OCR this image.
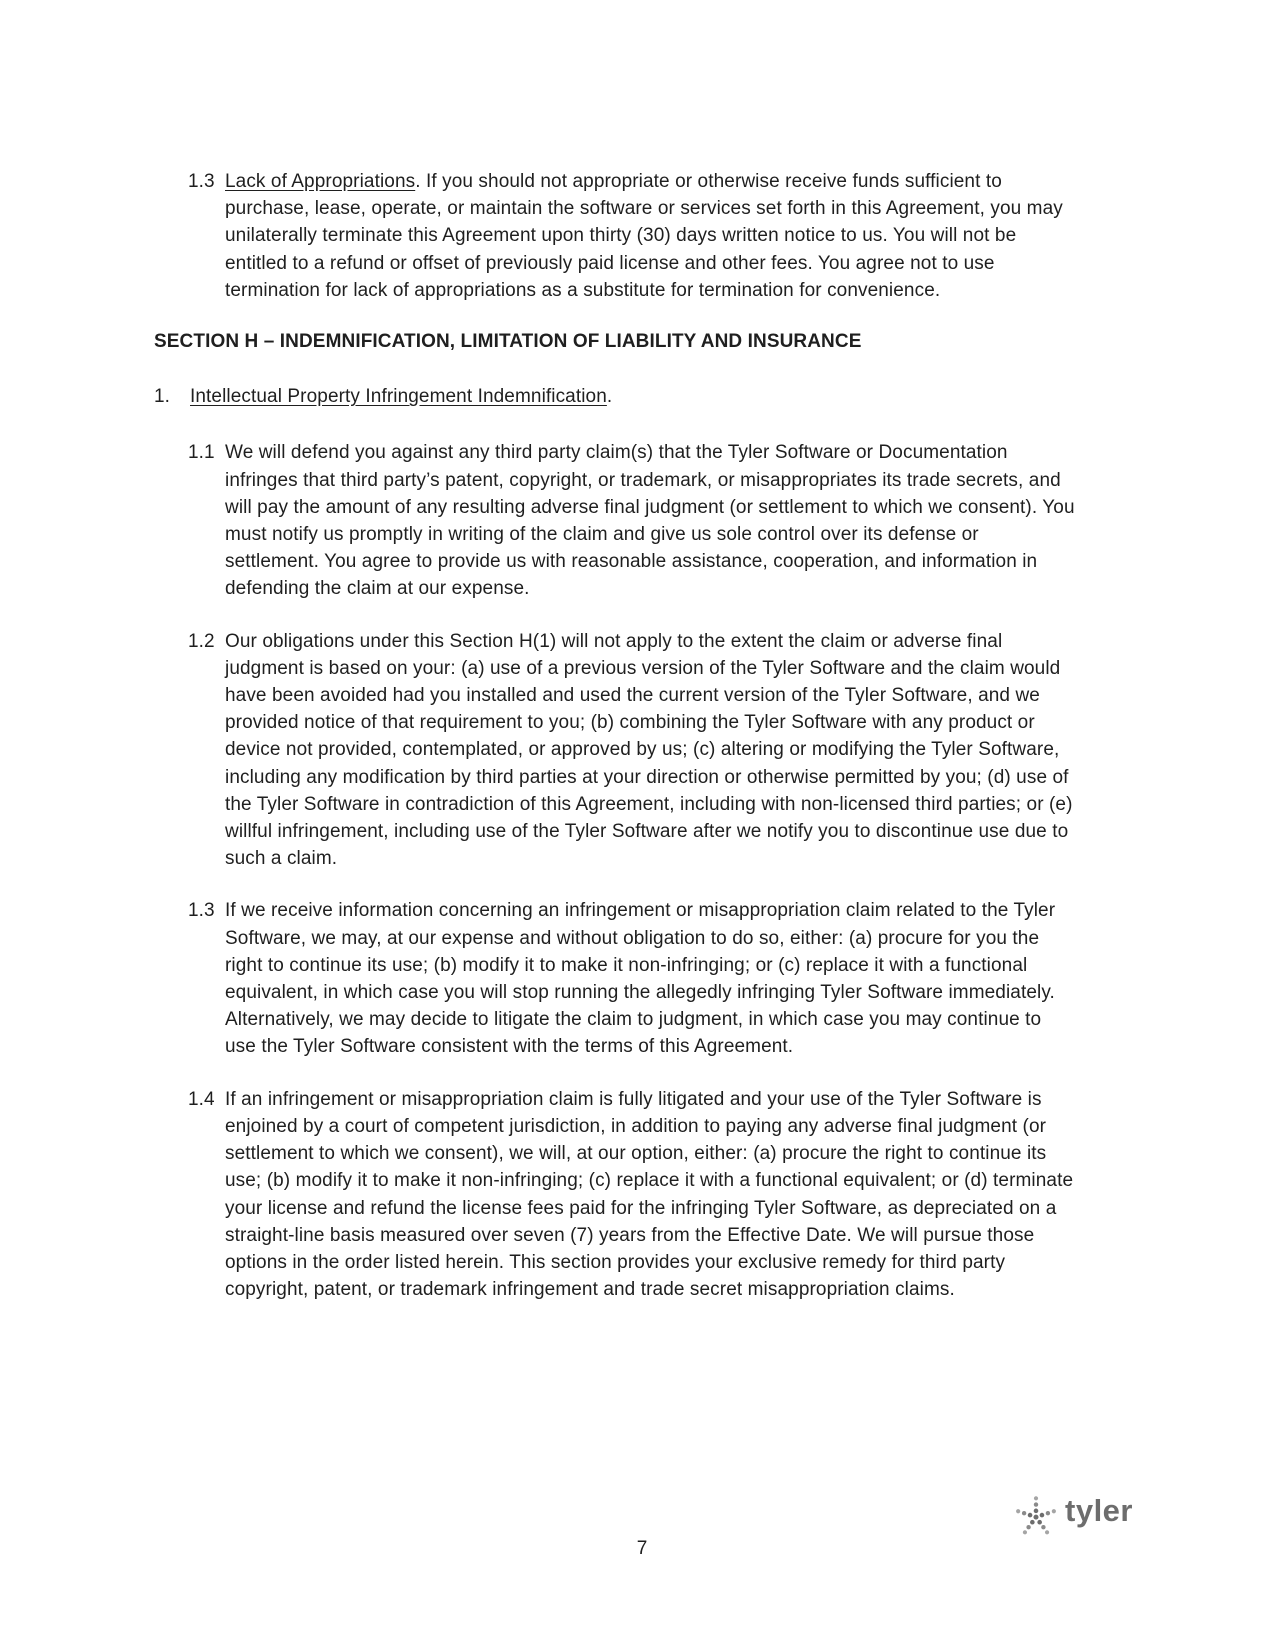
1.3 Lack of Appropriations. If you should not appropriate or otherwise receive funds sufficient to purchase, lease, operate, or maintain the software or services set forth in this Agreement, you may unilaterally terminate this Agreement upon thirty (30) days written notice to us. You will not be entitled to a refund or offset of previously paid license and other fees. You agree not to use termination for lack of appropriations as a substitute for termination for convenience.
SECTION H – INDEMNIFICATION, LIMITATION OF LIABILITY AND INSURANCE
1.	Intellectual Property Infringement Indemnification.
1.1 We will defend you against any third party claim(s) that the Tyler Software or Documentation infringes that third party’s patent, copyright, or trademark, or misappropriates its trade secrets, and will pay the amount of any resulting adverse final judgment (or settlement to which we consent). You must notify us promptly in writing of the claim and give us sole control over its defense or settlement. You agree to provide us with reasonable assistance, cooperation, and information in defending the claim at our expense.
1.2 Our obligations under this Section H(1) will not apply to the extent the claim or adverse final judgment is based on your: (a) use of a previous version of the Tyler Software and the claim would have been avoided had you installed and used the current version of the Tyler Software, and we provided notice of that requirement to you; (b) combining the Tyler Software with any product or device not provided, contemplated, or approved by us; (c) altering or modifying the Tyler Software, including any modification by third parties at your direction or otherwise permitted by you; (d) use of the Tyler Software in contradiction of this Agreement, including with non-licensed third parties; or (e) willful infringement, including use of the Tyler Software after we notify you to discontinue use due to such a claim.
1.3 If we receive information concerning an infringement or misappropriation claim related to the Tyler Software, we may, at our expense and without obligation to do so, either: (a) procure for you the right to continue its use; (b) modify it to make it non-infringing; or (c) replace it with a functional equivalent, in which case you will stop running the allegedly infringing Tyler Software immediately. Alternatively, we may decide to litigate the claim to judgment, in which case you may continue to use the Tyler Software consistent with the terms of this Agreement.
1.4 If an infringement or misappropriation claim is fully litigated and your use of the Tyler Software is enjoined by a court of competent jurisdiction, in addition to paying any adverse final judgment (or settlement to which we consent), we will, at our option, either: (a) procure the right to continue its use; (b) modify it to make it non-infringing; (c) replace it with a functional equivalent; or (d) terminate your license and refund the license fees paid for the infringing Tyler Software, as depreciated on a straight-line basis measured over seven (7) years from the Effective Date. We will pursue those options in the order listed herein. This section provides your exclusive remedy for third party copyright, patent, or trademark infringement and trade secret misappropriation claims.
tyler
7
